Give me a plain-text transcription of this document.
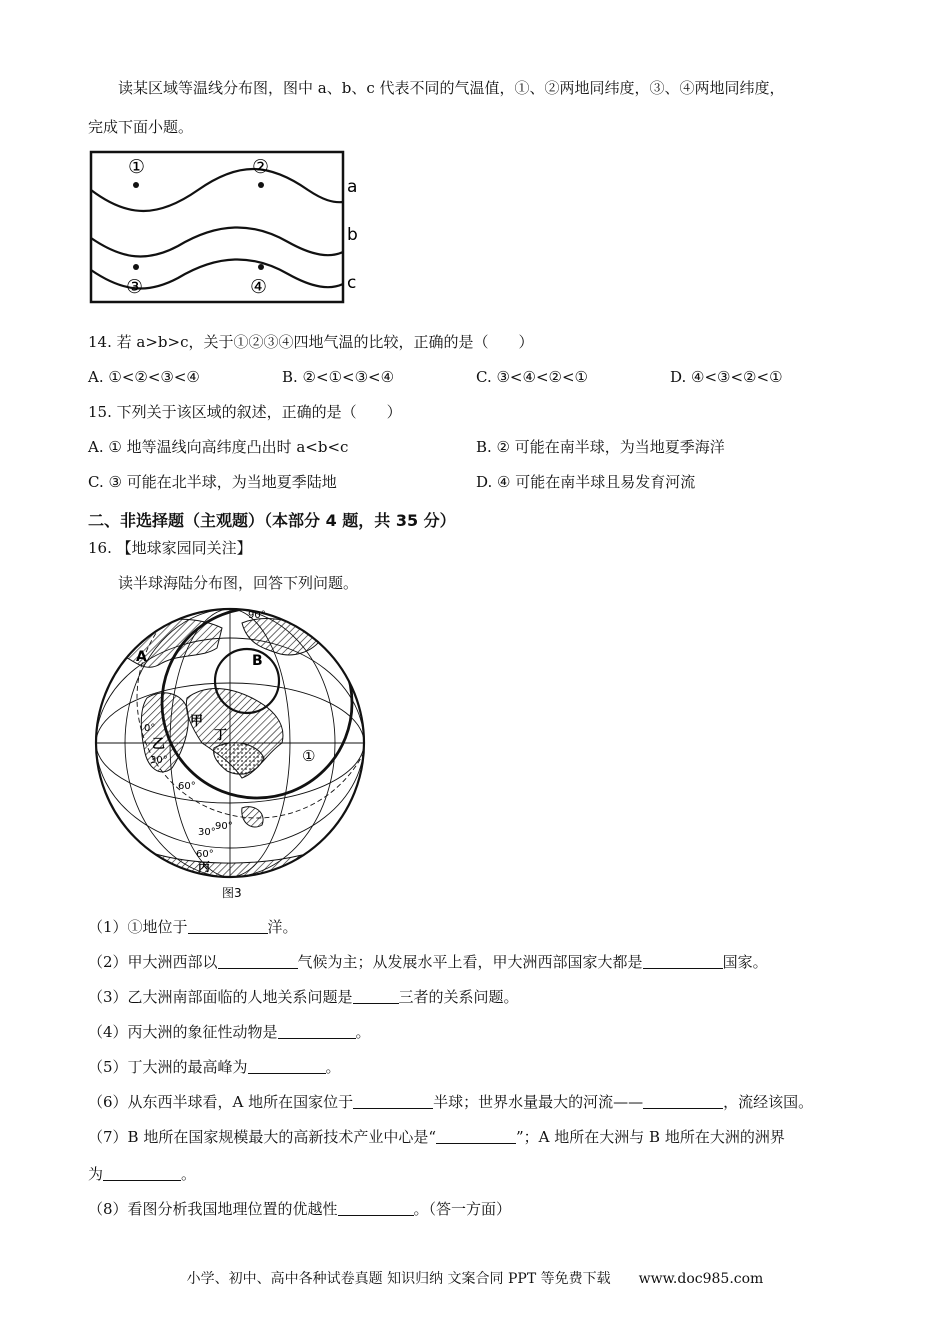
读某区域等温线分布图，图中 a、b、c 代表不同的气温值，①、②两地同纬度，③、④两地同纬度，
完成下面小题。
①	②
③	④
a
b
c
14. 若 a>b>c，关于①②③④四地气温的比较，正确的是（　　）
A. ①<②<③<④	B. ②<①<③<④	C. ③<④<②<①	D. ④<③<②<①
15. 下列关于该区域的叙述，正确的是（　　）
A. ① 地等温线向高纬度凸出时 a<b<c	B. ② 可能在南半球，为当地夏季海洋
C. ③ 可能在北半球，为当地夏季陆地	D. ④ 可能在南半球且易发育河流
二、非选择题（主观题）（本部分 4 题，共 35 分）
16. 【地球家园同关注】
读半球海陆分布图，回答下列问题。
A	B
甲
乙
丁
丙
①
90°
0°
30°
60°
90°
30°
60°
图3
（1）①地位于	洋。
（2）甲大洲西部以	气候为主；从发展水平上看，甲大洲西部国家大都是	国家。
（3）乙大洲南部面临的人地关系问题是	三者的关系问题。
（4）丙大洲的象征性动物是	。
（5）丁大洲的最高峰为	。
（6）从东西半球看，A 地所在国家位于	半球；世界水量最大的河流——	，流经该国。
（7）B 地所在国家规模最大的高新技术产业中心是“	”；A 地所在大洲与 B 地所在大洲的洲界
为	。
（8）看图分析我国地理位置的优越性	。（答一方面）
小学、初中、高中各种试卷真题 知识归纳 文案合同 PPT 等免费下载　　www.doc985.com
